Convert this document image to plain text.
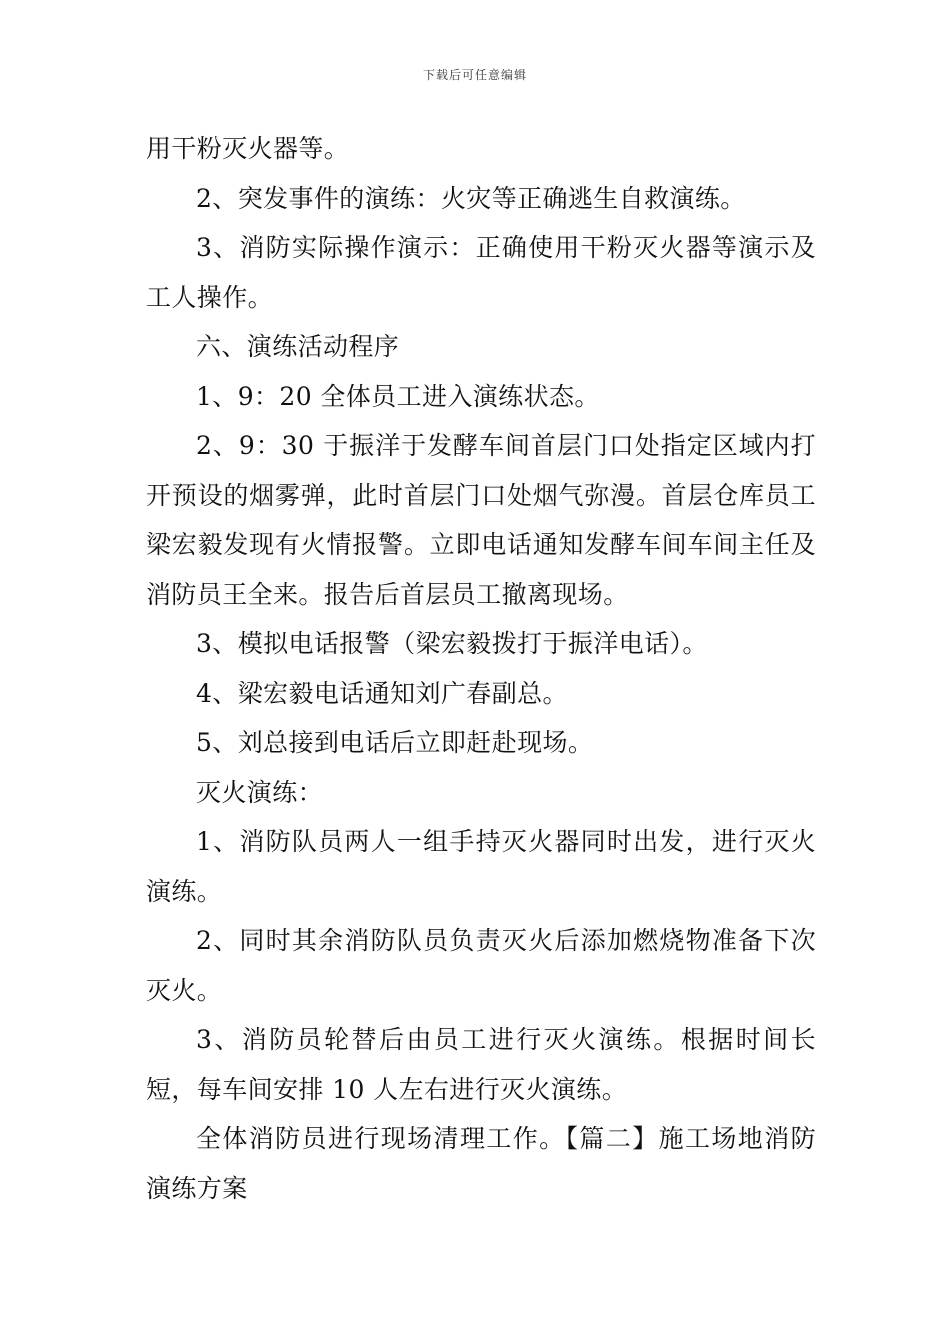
下载后可任意编辑

用干粉灭火器等。

2、突发事件的演练：火灾等正确逃生自救演练。

3、消防实际操作演示：正确使用干粉灭火器等演示及工人操作。

六、演练活动程序

1、9：20 全体员工进入演练状态。

2、9：30 于振洋于发酵车间首层门口处指定区域内打开预设的烟雾弹，此时首层门口处烟气弥漫。首层仓库员工梁宏毅发现有火情报警。立即电话通知发酵车间车间主任及消防员王全来。报告后首层员工撤离现场。

3、模拟电话报警（梁宏毅拨打于振洋电话）。

4、梁宏毅电话通知刘广春副总。

5、刘总接到电话后立即赶赴现场。

灭火演练：

1、消防队员两人一组手持灭火器同时出发，进行灭火演练。

2、同时其余消防队员负责灭火后添加燃烧物准备下次灭火。

3、消防员轮替后由员工进行灭火演练。根据时间长短，每车间安排 10 人左右进行灭火演练。

全体消防员进行现场清理工作。【篇二】施工场地消防演练方案
